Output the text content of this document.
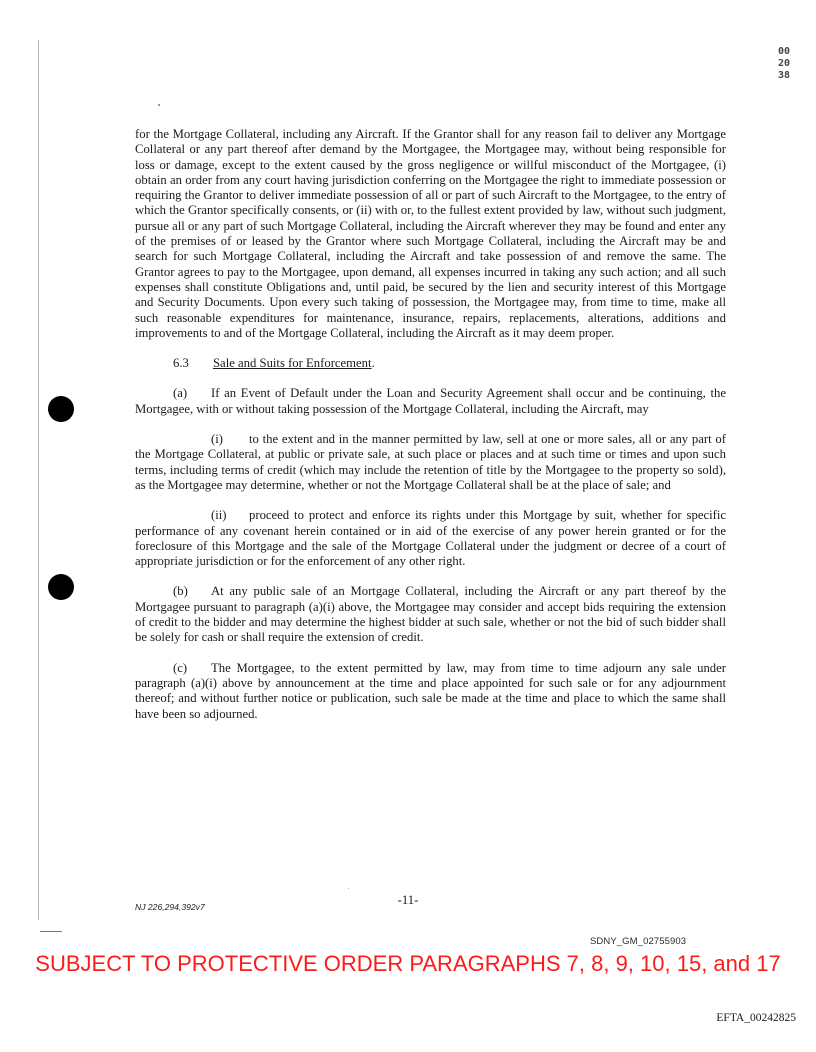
002038

for the Mortgage Collateral, including any Aircraft. If the Grantor shall for any reason fail to deliver any Mortgage Collateral or any part thereof after demand by the Mortgagee, the Mortgagee may, without being responsible for loss or damage, except to the extent caused by the gross negligence or willful misconduct of the Mortgagee, (i) obtain an order from any court having jurisdiction conferring on the Mortgagee the right to immediate possession or requiring the Grantor to deliver immediate possession of all or part of such Aircraft to the Mortgagee, to the entry of which the Grantor specifically consents, or (ii) with or, to the fullest extent provided by law, without such judgment, pursue all or any part of such Mortgage Collateral, including the Aircraft wherever they may be found and enter any of the premises of or leased by the Grantor where such Mortgage Collateral, including the Aircraft may be and search for such Mortgage Collateral, including the Aircraft and take possession of and remove the same. The Grantor agrees to pay to the Mortgagee, upon demand, all expenses incurred in taking any such action; and all such expenses shall constitute Obligations and, until paid, be secured by the lien and security interest of this Mortgage and Security Documents. Upon every such taking of possession, the Mortgagee may, from time to time, make all such reasonable expenditures for maintenance, insurance, repairs, replacements, alterations, additions and improvements to and of the Mortgage Collateral, including the Aircraft as it may deem proper.

6.3 Sale and Suits for Enforcement.

(a) If an Event of Default under the Loan and Security Agreement shall occur and be continuing, the Mortgagee, with or without taking possession of the Mortgage Collateral, including the Aircraft, may

(i) to the extent and in the manner permitted by law, sell at one or more sales, all or any part of the Mortgage Collateral, at public or private sale, at such place or places and at such time or times and upon such terms, including terms of credit (which may include the retention of title by the Mortgagee to the property so sold), as the Mortgagee may determine, whether or not the Mortgage Collateral shall be at the place of sale; and

(ii) proceed to protect and enforce its rights under this Mortgage by suit, whether for specific performance of any covenant herein contained or in aid of the exercise of any power herein granted or for the foreclosure of this Mortgage and the sale of the Mortgage Collateral under the judgment or decree of a court of appropriate jurisdiction or for the enforcement of any other right.

(b) At any public sale of an Mortgage Collateral, including the Aircraft or any part thereof by the Mortgagee pursuant to paragraph (a)(i) above, the Mortgagee may consider and accept bids requiring the extension of credit to the bidder and may determine the highest bidder at such sale, whether or not the bid of such bidder shall be solely for cash or shall require the extension of credit.

(c) The Mortgagee, to the extent permitted by law, may from time to time adjourn any sale under paragraph (a)(i) above by announcement at the time and place appointed for such sale or for any adjournment thereof; and without further notice or publication, such sale be made at the time and place to which the same shall have been so adjourned.

NJ 226,294,392v7	-11-
SDNY_GM_02755903
SUBJECT TO PROTECTIVE ORDER PARAGRAPHS 7, 8, 9, 10, 15, and 17
EFTA_00242825
